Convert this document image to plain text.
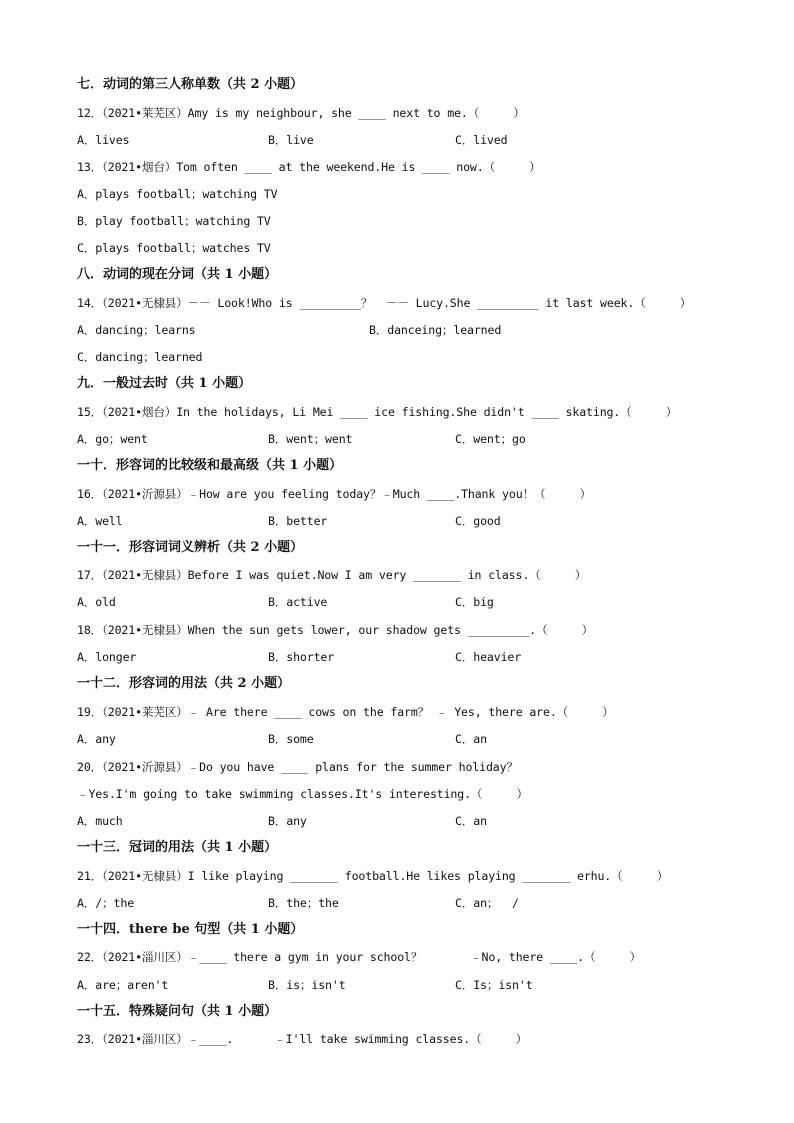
七．动词的第三人称单数（共 2 小题）
12．（2021•莱芜区）Amy is my neighbour, she ____ next to me.（     ）

A．lives

	B．live

	C．lived

13．（2021•烟台）Tom often ____ at the weekend.He is ____ now.（     ）
A．plays football；watching TV
B．play football；watching TV
C．plays football；watches TV
八．动词的现在分词（共 1 小题）
14．（2021•无棣县）－－ Look!Who is _________？  －－ Lucy.She _________ it last week.（     ）

A．dancing；learns

	B．danceing；learned

C．dancing；learned
九．一般过去时（共 1 小题）
15．（2021•烟台）In the holidays, Li Mei ____ ice fishing.She didn't ____ skating.（     ）

A．go；went

	B．went；went

	C．went；go

一十．形容词的比较级和最高级（共 1 小题）
16．（2021•沂源县）﹣How are you feeling today？﹣Much ____.Thank you！（     ）

A．well

	B．better

	C．good

一十一．形容词词义辨析（共 2 小题）
17．（2021•无棣县）Before I was quiet.Now I am very _______ in class.（     ）

A．old

	B．active

	C．big

18．（2021•无棣县）When the sun gets lower, our shadow gets _________.（     ）

A．longer

	B．shorter

	C．heavier

一十二．形容词的用法（共 2 小题）
19．（2021•莱芜区）﹣ Are there ____ cows on the farm？ ﹣ Yes, there are.（     ）

A．any

	B．some

	C．an

20．（2021•沂源县）﹣Do you have ____ plans for the summer holiday？
﹣Yes.I'm going to take swimming classes.It's interesting.（     ）

A．much

	B．any

	C．an

一十三．冠词的用法（共 1 小题）
21．（2021•无棣县）I like playing _______ football.He likes playing _______ erhu.（     ）

A．/；the

	B．the；the

	C．an；  /

一十四．there be 句型（共 1 小题）
22．（2021•淄川区）﹣____ there a gym in your school？       ﹣No, there ____.（     ）

A．are；aren't

	B．is；isn't

	C．Is；isn't

一十五．特殊疑问句（共 1 小题）
23．（2021•淄川区）﹣____.      ﹣I'll take swimming classes.（     ）
